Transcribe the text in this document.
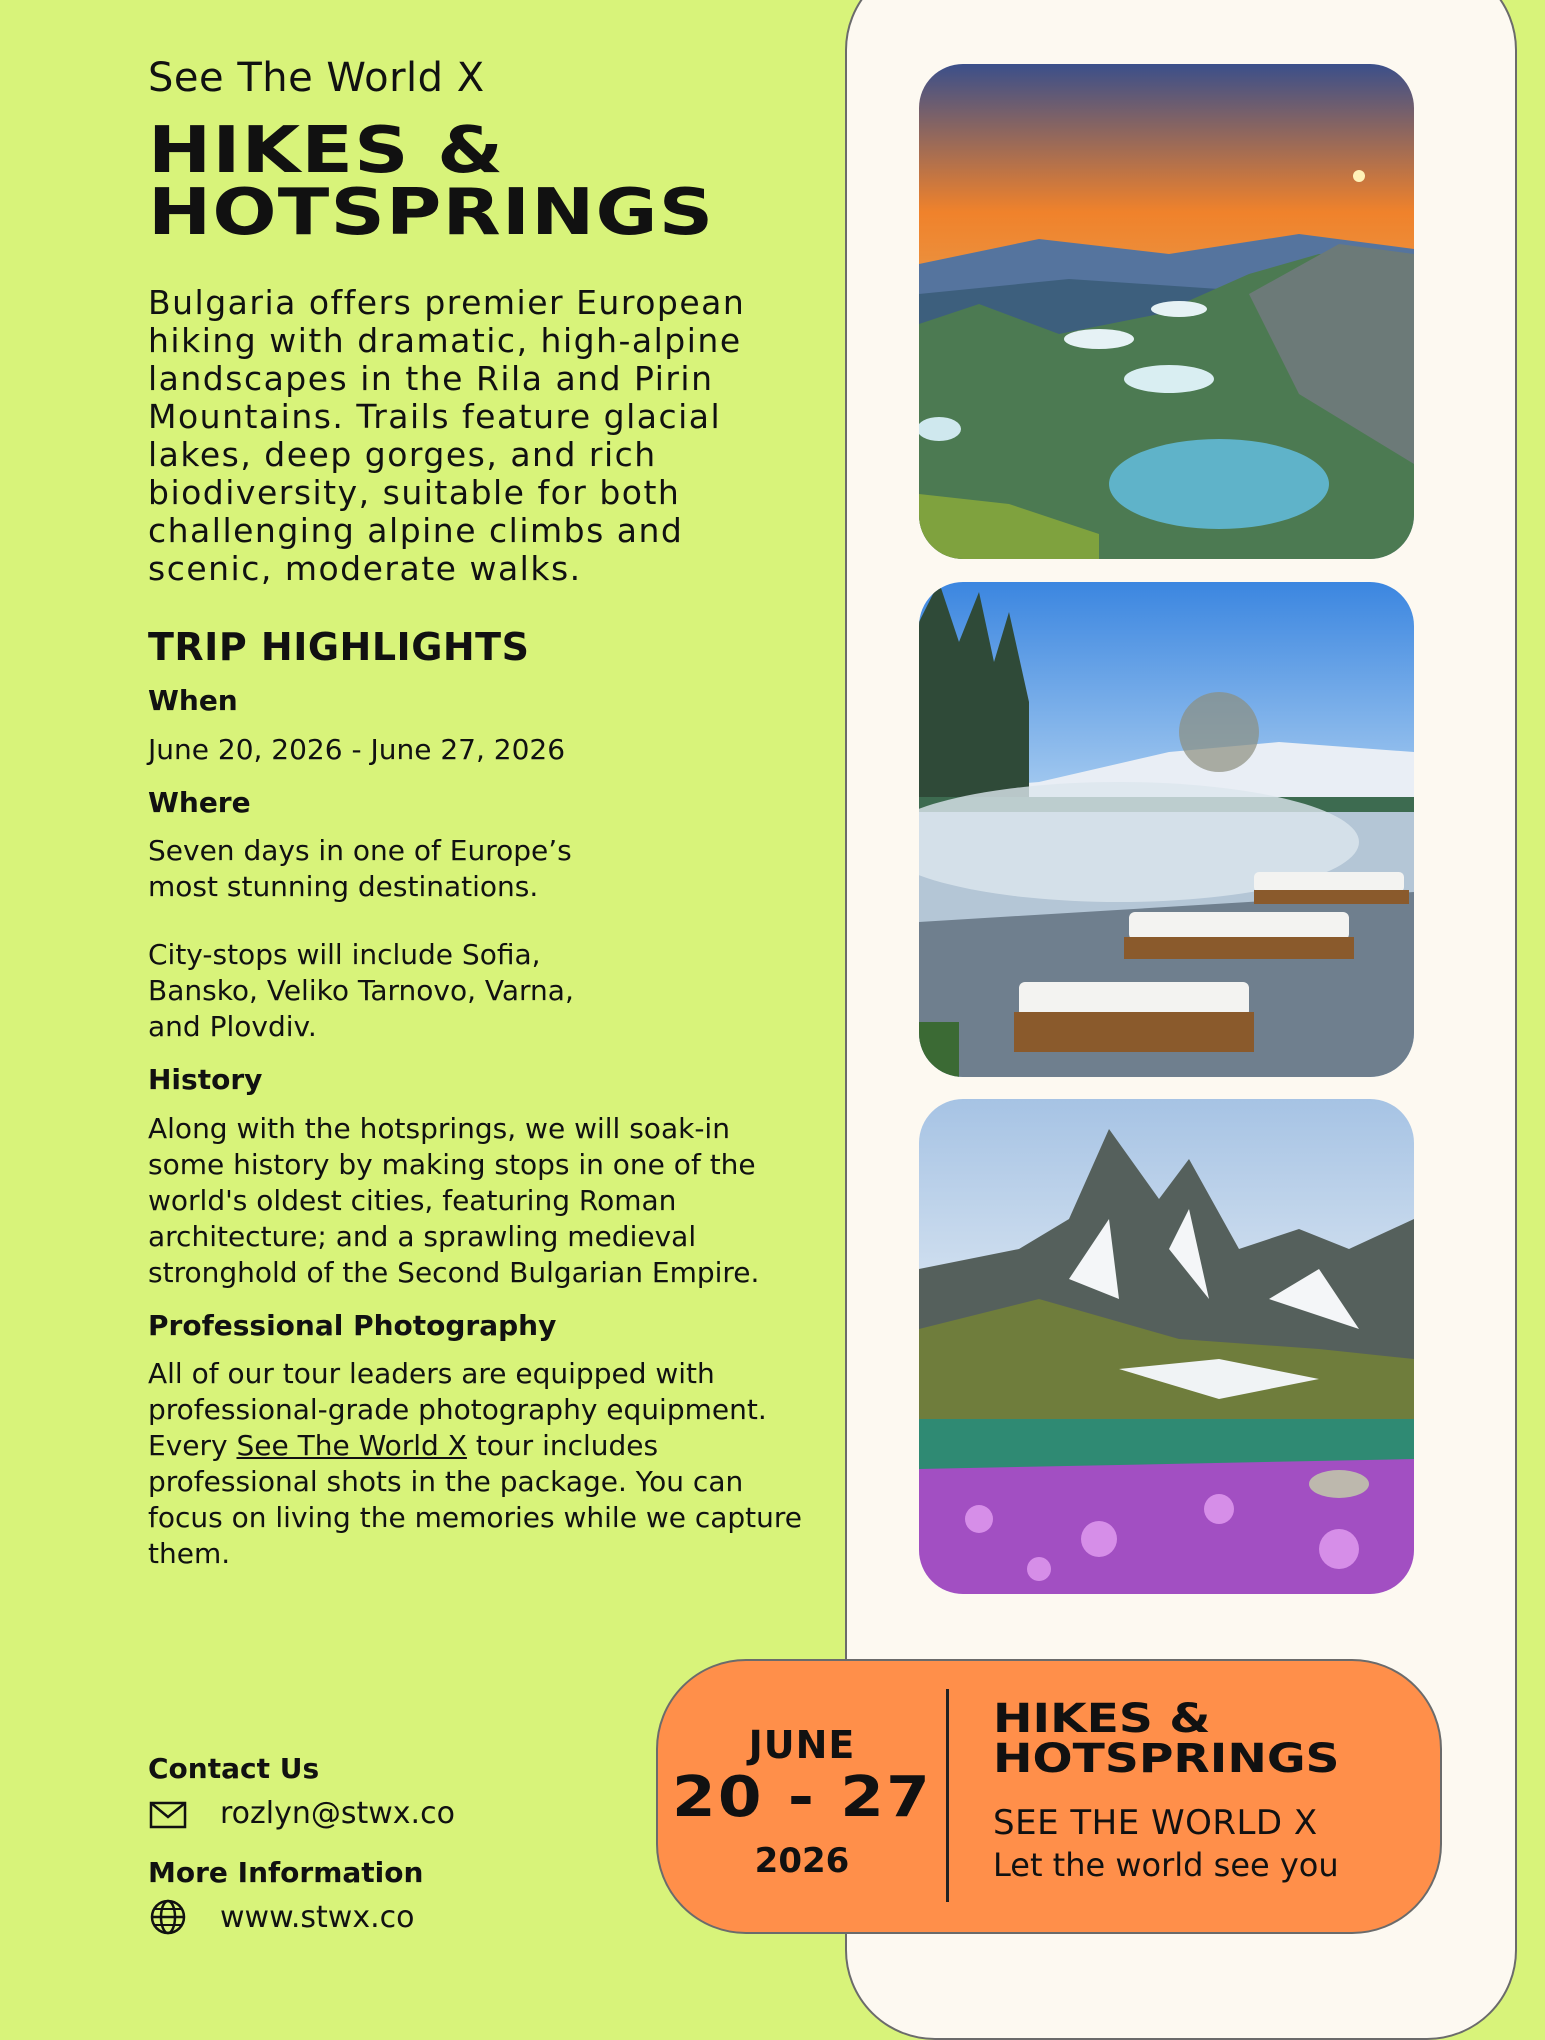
See The World X

HIKES &
HOTSPRINGS

Bulgaria offers premier European hiking with dramatic, high-alpine landscapes in the Rila and Pirin Mountains. Trails feature glacial lakes, deep gorges, and rich biodiversity, suitable for both challenging alpine climbs and scenic, moderate walks.

TRIP HIGHLIGHTS

When

June 20, 2026 - June 27, 2026

Where

Seven days in one of Europe’s
most stunning destinations.

City-stops will include Sofia,
Bansko, Veliko Tarnovo, Varna,
and Plovdiv.

History

Along with the hotsprings, we will soak-in some history by making stops in one of the world's oldest cities, featuring Roman architecture; and a sprawling medieval stronghold of the Second Bulgarian Empire.

Professional Photography

All of our tour leaders are equipped with professional-grade photography equipment. Every See The World X tour includes professional shots in the package. You can focus on living the memories while we capture them.

Contact Us

rozlyn@stwx.co

More Information

www.stwx.co
JUNE
20 - 27
2026
HIKES &
HOTSPRINGS
SEE THE WORLD X
Let the world see you
